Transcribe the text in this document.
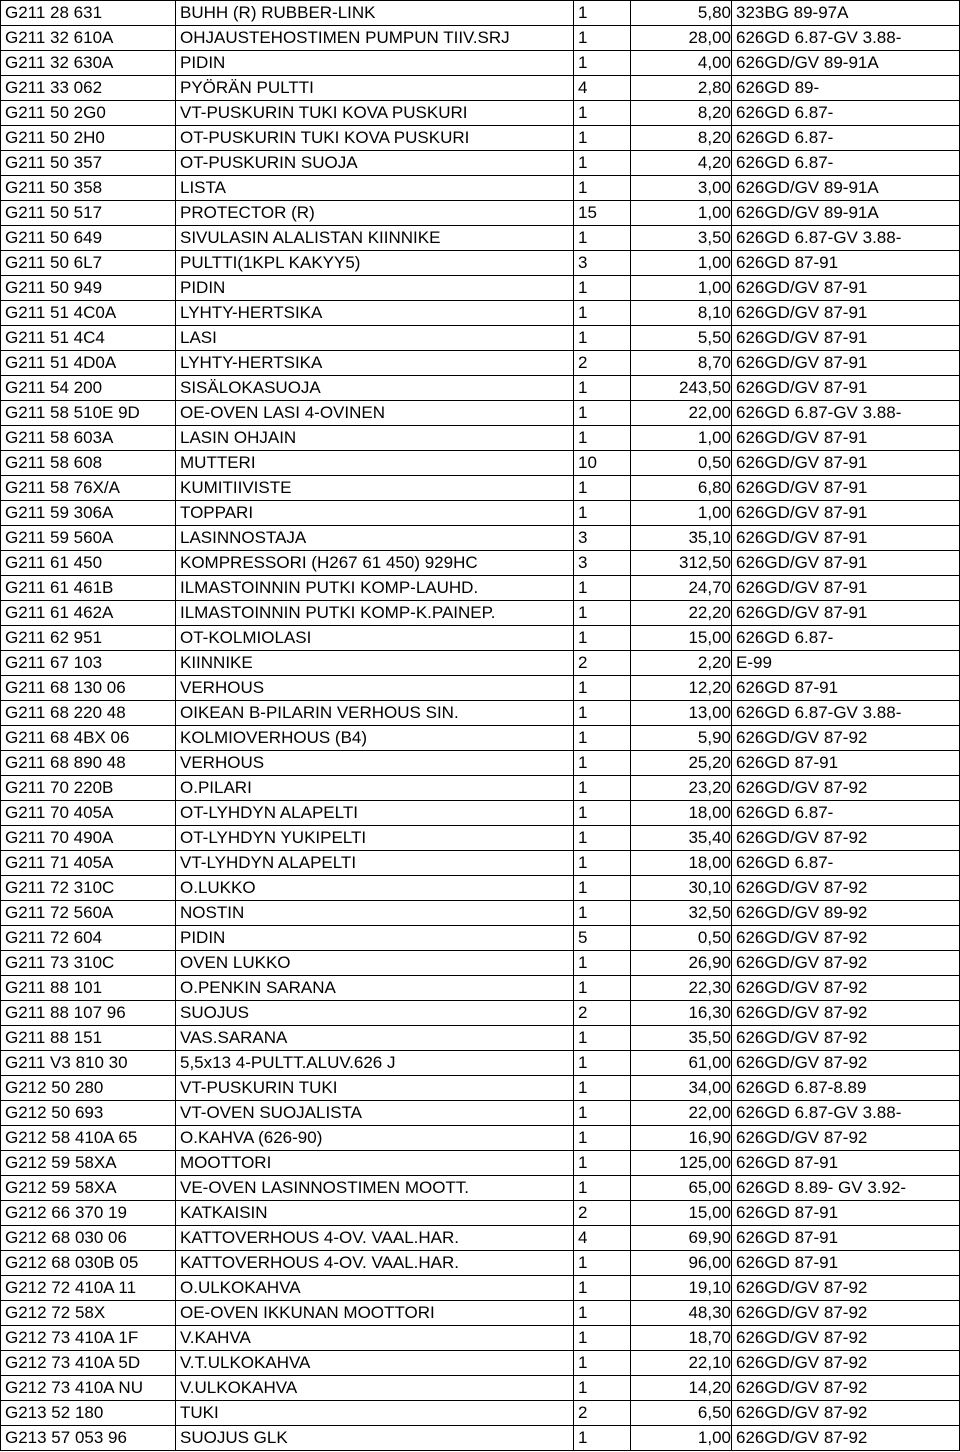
G211 28 631	BUHH (R) RUBBER-LINK	1	5,80	323BG 89-97A
G211 32 610A	OHJAUSTEHOSTIMEN PUMPUN TIIV.SRJ	1	28,00	626GD 6.87-GV 3.88-
G211 32 630A	PIDIN	1	4,00	626GD/GV 89-91A
G211 33 062	PYÖRÄN PULTTI	4	2,80	626GD 89-
G211 50 2G0	VT-PUSKURIN TUKI KOVA PUSKURI	1	8,20	626GD 6.87-
G211 50 2H0	OT-PUSKURIN TUKI KOVA PUSKURI	1	8,20	626GD 6.87-
G211 50 357	OT-PUSKURIN SUOJA	1	4,20	626GD 6.87-
G211 50 358	LISTA	1	3,00	626GD/GV 89-91A
G211 50 517	PROTECTOR (R)	15	1,00	626GD/GV 89-91A
G211 50 649	SIVULASIN ALALISTAN KIINNIKE	1	3,50	626GD 6.87-GV 3.88-
G211 50 6L7	PULTTI(1KPL KAKYY5)	3	1,00	626GD 87-91
G211 50 949	PIDIN	1	1,00	626GD/GV 87-91
G211 51 4C0A	LYHTY-HERTSIKA	1	8,10	626GD/GV 87-91
G211 51 4C4	LASI	1	5,50	626GD/GV 87-91
G211 51 4D0A	LYHTY-HERTSIKA	2	8,70	626GD/GV 87-91
G211 54 200	SISÄLOKASUOJA	1	243,50	626GD/GV 87-91
G211 58 510E 9D	OE-OVEN LASI 4-OVINEN	1	22,00	626GD 6.87-GV 3.88-
G211 58 603A	LASIN OHJAIN	1	1,00	626GD/GV 87-91
G211 58 608	MUTTERI	10	0,50	626GD/GV 87-91
G211 58 76X/A	KUMITIIVISTE	1	6,80	626GD/GV 87-91
G211 59 306A	TOPPARI	1	1,00	626GD/GV 87-91
G211 59 560A	LASINNOSTAJA	3	35,10	626GD/GV 87-91
G211 61 450	KOMPRESSORI (H267 61 450) 929HC	3	312,50	626GD/GV 87-91
G211 61 461B	ILMASTOINNIN PUTKI KOMP-LAUHD.	1	24,70	626GD/GV 87-91
G211 61 462A	ILMASTOINNIN PUTKI KOMP-K.PAINEP.	1	22,20	626GD/GV 87-91
G211 62 951	OT-KOLMIOLASI	1	15,00	626GD 6.87-
G211 67 103	KIINNIKE	2	2,20	E-99
G211 68 130 06	VERHOUS	1	12,20	626GD 87-91
G211 68 220 48	OIKEAN B-PILARIN VERHOUS SIN.	1	13,00	626GD 6.87-GV 3.88-
G211 68 4BX 06	KOLMIOVERHOUS (B4)	1	5,90	626GD/GV 87-92
G211 68 890 48	VERHOUS	1	25,20	626GD 87-91
G211 70 220B	O.PILARI	1	23,20	626GD/GV 87-92
G211 70 405A	OT-LYHDYN ALAPELTI	1	18,00	626GD 6.87-
G211 70 490A	OT-LYHDYN YUKIPELTI	1	35,40	626GD/GV 87-92
G211 71 405A	VT-LYHDYN ALAPELTI	1	18,00	626GD 6.87-
G211 72 310C	O.LUKKO	1	30,10	626GD/GV 87-92
G211 72 560A	NOSTIN	1	32,50	626GD/GV 89-92
G211 72 604	PIDIN	5	0,50	626GD/GV 87-92
G211 73 310C	OVEN LUKKO	1	26,90	626GD/GV 87-92
G211 88 101	O.PENKIN SARANA	1	22,30	626GD/GV 87-92
G211 88 107 96	SUOJUS	2	16,30	626GD/GV 87-92
G211 88 151	VAS.SARANA	1	35,50	626GD/GV 87-92
G211 V3 810 30	5,5x13 4-PULTT.ALUV.626 J	1	61,00	626GD/GV 87-92
G212 50 280	VT-PUSKURIN TUKI	1	34,00	626GD 6.87-8.89
G212 50 693	VT-OVEN SUOJALISTA	1	22,00	626GD 6.87-GV 3.88-
G212 58 410A 65	O.KAHVA (626-90)	1	16,90	626GD/GV 87-92
G212 59 58XA	MOOTTORI	1	125,00	626GD 87-91
G212 59 58XA	VE-OVEN LASINNOSTIMEN MOOTT.	1	65,00	626GD 8.89- GV 3.92-
G212 66 370 19	KATKAISIN	2	15,00	626GD 87-91
G212 68 030 06	KATTOVERHOUS 4-OV. VAAL.HAR.	4	69,90	626GD 87-91
G212 68 030B 05	KATTOVERHOUS 4-OV. VAAL.HAR.	1	96,00	626GD 87-91
G212 72 410A 11	O.ULKOKAHVA	1	19,10	626GD/GV 87-92
G212 72 58X	OE-OVEN IKKUNAN MOOTTORI	1	48,30	626GD/GV 87-92
G212 73 410A 1F	V.KAHVA	1	18,70	626GD/GV 87-92
G212 73 410A 5D	V.T.ULKOKAHVA	1	22,10	626GD/GV 87-92
G212 73 410A NU	V.ULKOKAHVA	1	14,20	626GD/GV 87-92
G213 52 180	TUKI	2	6,50	626GD/GV 87-92
G213 57 053 96	SUOJUS GLK	1	1,00	626GD/GV 87-92
